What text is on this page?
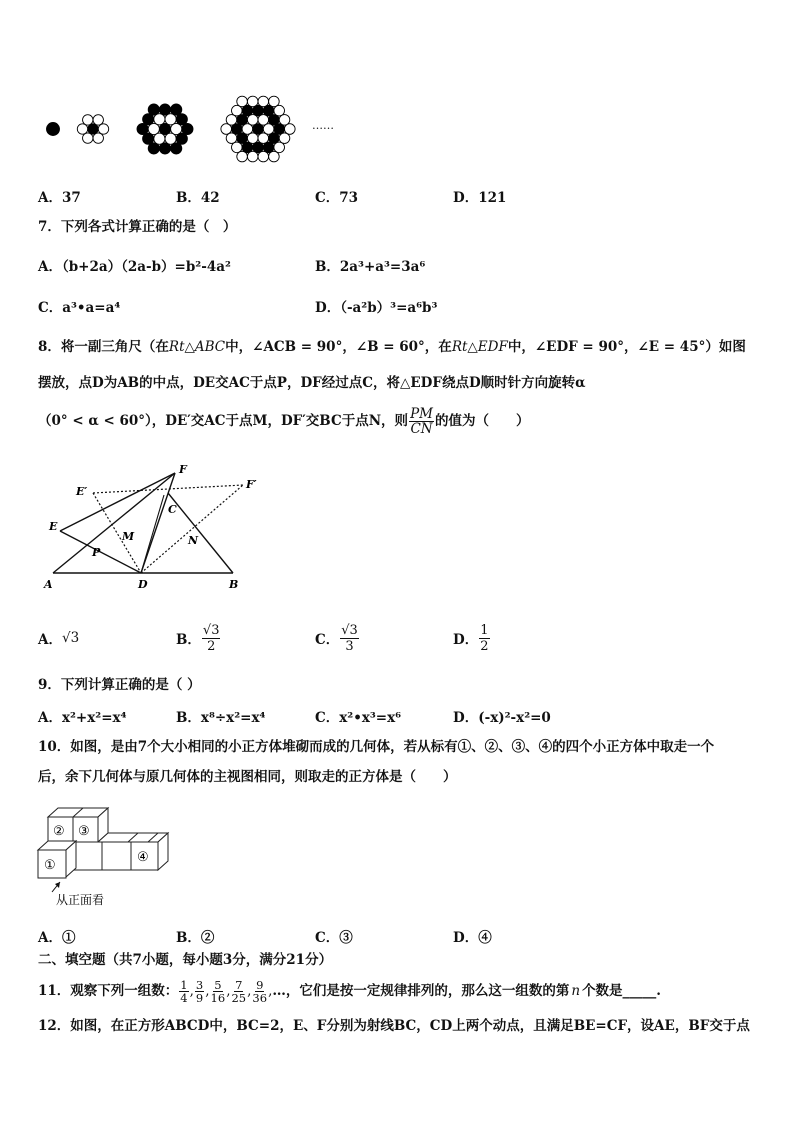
……
A．37	B．42	C．73	D．121
7．下列各式计算正确的是（　）
A．（b+2a）（2a-b）=b²-4a²	B．2a³+a³=3a⁶
C．a³•a=a⁴	D．（-a²b）³=a⁶b³
8．将一副三角尺（在Rt△ABC中，∠ACB = 90°，∠B = 60°，在Rt△EDF中，∠EDF = 90°，∠E = 45°）如图
摆放，点D为AB的中点，DE交AC于点P，DF经过点C，将△EDF绕点D顺时针方向旋转α
（0° < α < 60°），DE′交AC于点M，DF′交BC于点N，则 $\frac{PM}{CN}$ 的值为（　　）
F
E′
F′
E
C
M
P
N
A	D	B
A． √3	B． $\frac{√3}{2}$	C． $\frac{√3}{3}$	D． $\frac{1}{2}$
9．下列计算正确的是（ ）
A．x²+x²=x⁴	B．x⁸÷x²=x⁴	C．x²•x³=x⁶	D．(-x)²-x²=0
10．如图，是由7个大小相同的小正方体堆砌而成的几何体，若从标有①、②、③、④的四个小正方体中取走一个
后，余下几何体与原几何体的主视图相同，则取走的正方体是（　　）
①
② ③
④
从正面看
A．①	B．②	C．③	D．④
二、填空题（共7小题，每小题3分，满分21分）
11．观察下列一组数： $\frac{1}{4}$ , $\frac{3}{9}$ , $\frac{5}{16}$ , $\frac{7}{25}$ , $\frac{9}{36}$ , …，它们是按一定规律排列的，那么这一组数的第 n 个数是_____.
12．如图，在正方形ABCD中，BC=2，E、F分别为射线BC，CD上两个动点，且满足BE=CF，设AE，BF交于点
